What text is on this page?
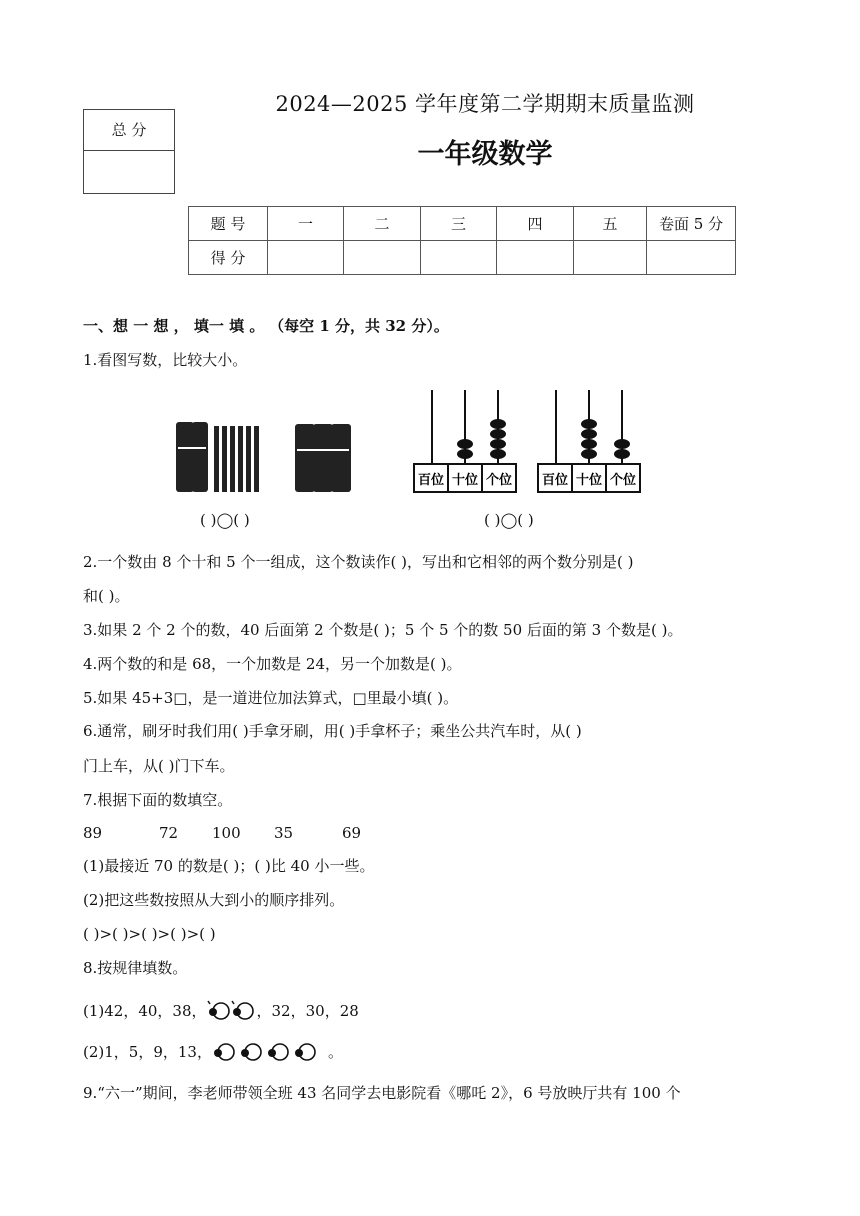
总 分
2024—2025 学年度第二学期期末质量监测
一年级数学
题 号	一	二	三	四	五	卷面 5 分
得 分						
一、想 一 想 ， 填一 填 。 （每空 1 分，共 32 分）。
1.看图写数，比较大小。
百位 十位 个位 百位 十位 个位
( )◯( )	( )◯( )
2.一个数由 8 个十和 5 个一组成，这个数读作( )，写出和它相邻的两个数分别是( )
和( )。
3.如果 2 个 2 个的数，40 后面第 2 个数是( )；5 个 5 个的数 50 后面的第 3 个数是( )。
4.两个数的和是 68，一个加数是 24，另一个加数是( )。
5.如果 45+3□，是一道进位加法算式，□里最小填( )。
6.通常，刷牙时我们用( )手拿牙刷，用( )手拿杯子；乘坐公共汽车时，从( )
门上车，从( )门下车。
7.根据下面的数填空。
89	72 100 35	69
(1)最接近 70 的数是( )；( )比 40 小一些。
(2)把这些数按照从大到小的顺序排列。
( )>( )>( )>( )>( )
8.按规律填数。
(1)42，40，38，	，32，30，28
(2)1，5，9，13，	。
9.“六一”期间，李老师带领全班 43 名同学去电影院看《哪吒 2》，6 号放映厅共有 100 个
